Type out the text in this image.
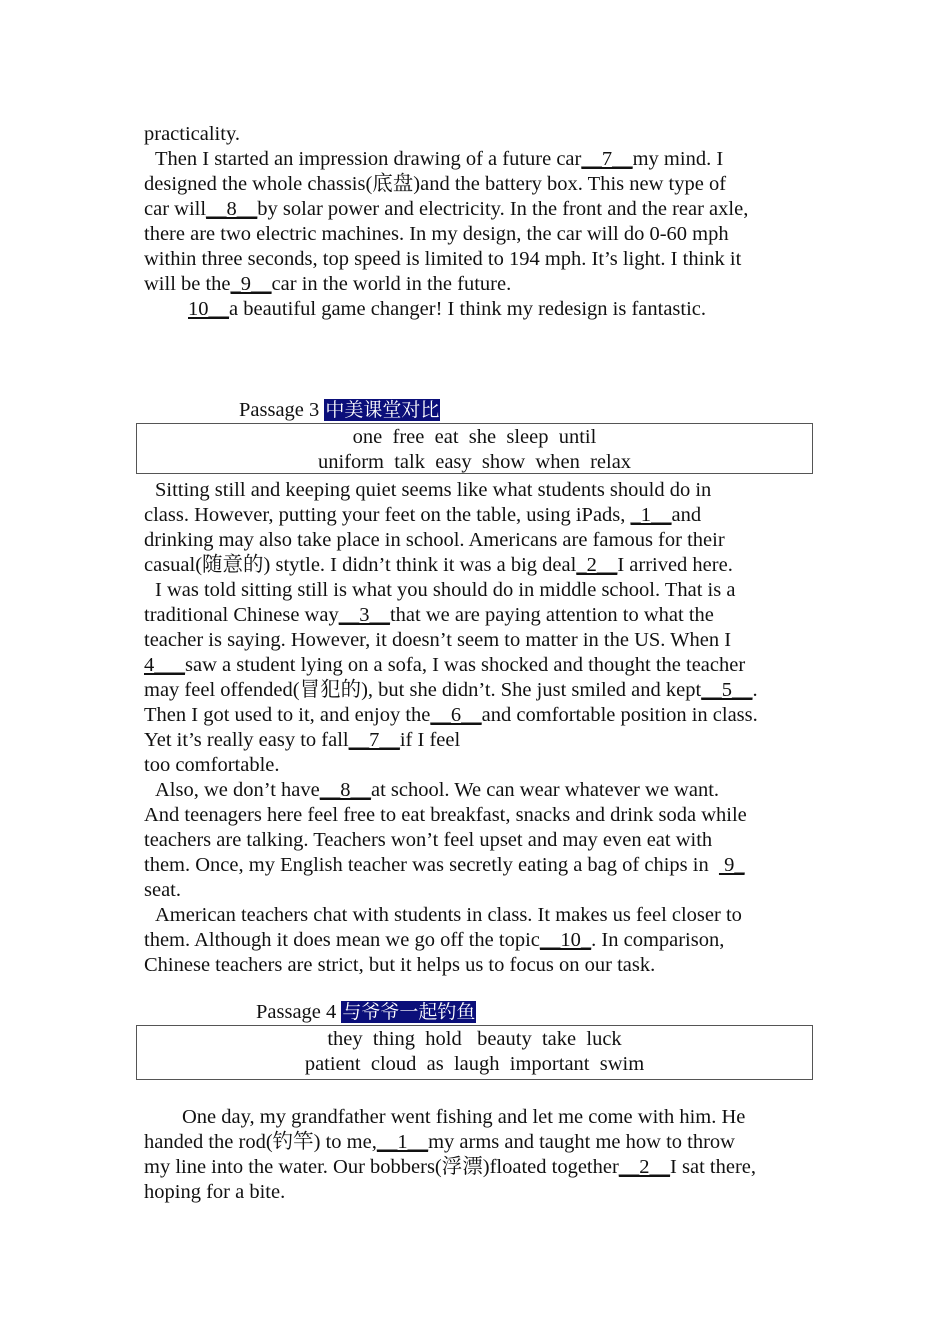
practicality.
Then I started an impression drawing of a future car__7__my mind. I
designed the whole chassis(底盘)and the battery box. This new type of
car will__8__by solar power and electricity. In the front and the rear axle,
there are two electric machines. In my design, the car will do 0-60 mph
within three seconds, top speed is limited to 194 mph. It’s light. I think it
will be the_9__car in the world in the future.
10__a beautiful game changer! I think my redesign is fantastic.
Passage 3 中美课堂对比
one  free  eat  she  sleep  until
uniform  talk  easy  show  when  relax
Sitting still and keeping quiet seems like what students should do in
class. However, putting your feet on the table, using iPads, _1__and
drinking may also take place in school. Americans are famous for their
casual(随意的) stytle. I didn’t think it was a big deal_2__I arrived here.
I was told sitting still is what you should do in middle school. That is a
traditional Chinese way__3__that we are paying attention to what the
teacher is saying. However, it doesn’t seem to matter in the US. When I
4___saw a student lying on a sofa, I was shocked and thought the teacher
may feel offended(冒犯的), but she didn’t. She just smiled and kept__5__.
Then I got used to it, and enjoy the__6__and comfortable position in class.
Yet it’s really easy to fall__7__if I feel
too comfortable.
Also, we don’t have__8__at school. We can wear whatever we want.
And teenagers here feel free to eat breakfast, snacks and drink soda while
teachers are talking. Teachers won’t feel upset and may even eat with
them. Once, my English teacher was secretly eating a bag of chips in   9_
seat.
American teachers chat with students in class. It makes us feel closer to
them. Although it does mean we go off the topic__10_. In comparison,
Chinese teachers are strict, but it helps us to focus on our task.
Passage 4 与爷爷一起钓鱼
they  thing  hold   beauty  take  luck
patient  cloud  as  laugh  important  swim
One day, my grandfather went fishing and let me come with him. He
handed the rod(钓竿) to me,__1__my arms and taught me how to throw
my line into the water. Our bobbers(浮漂)floated together__2__I sat there,
hoping for a bite.
